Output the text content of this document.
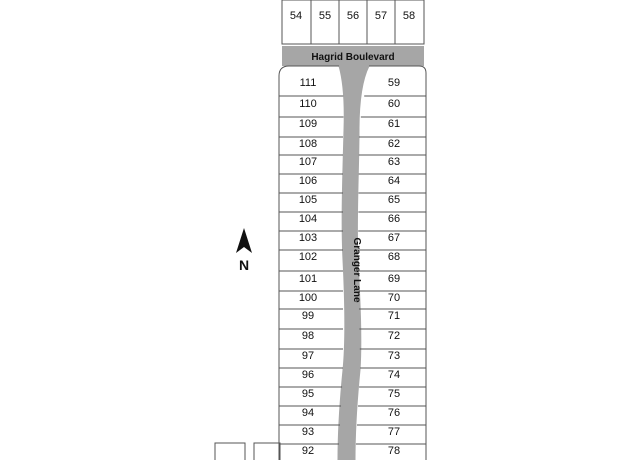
54 55 56 57 58
Hagrid Boulevard
Granger Lane
111
110
109
108
107
106
105
104
103
102
101
100
99
98
97
96
95
94
93
92
59
60
61
62
63
64
65
66
67
68
69
70
71
72
73
74
75
76
77
78
N
